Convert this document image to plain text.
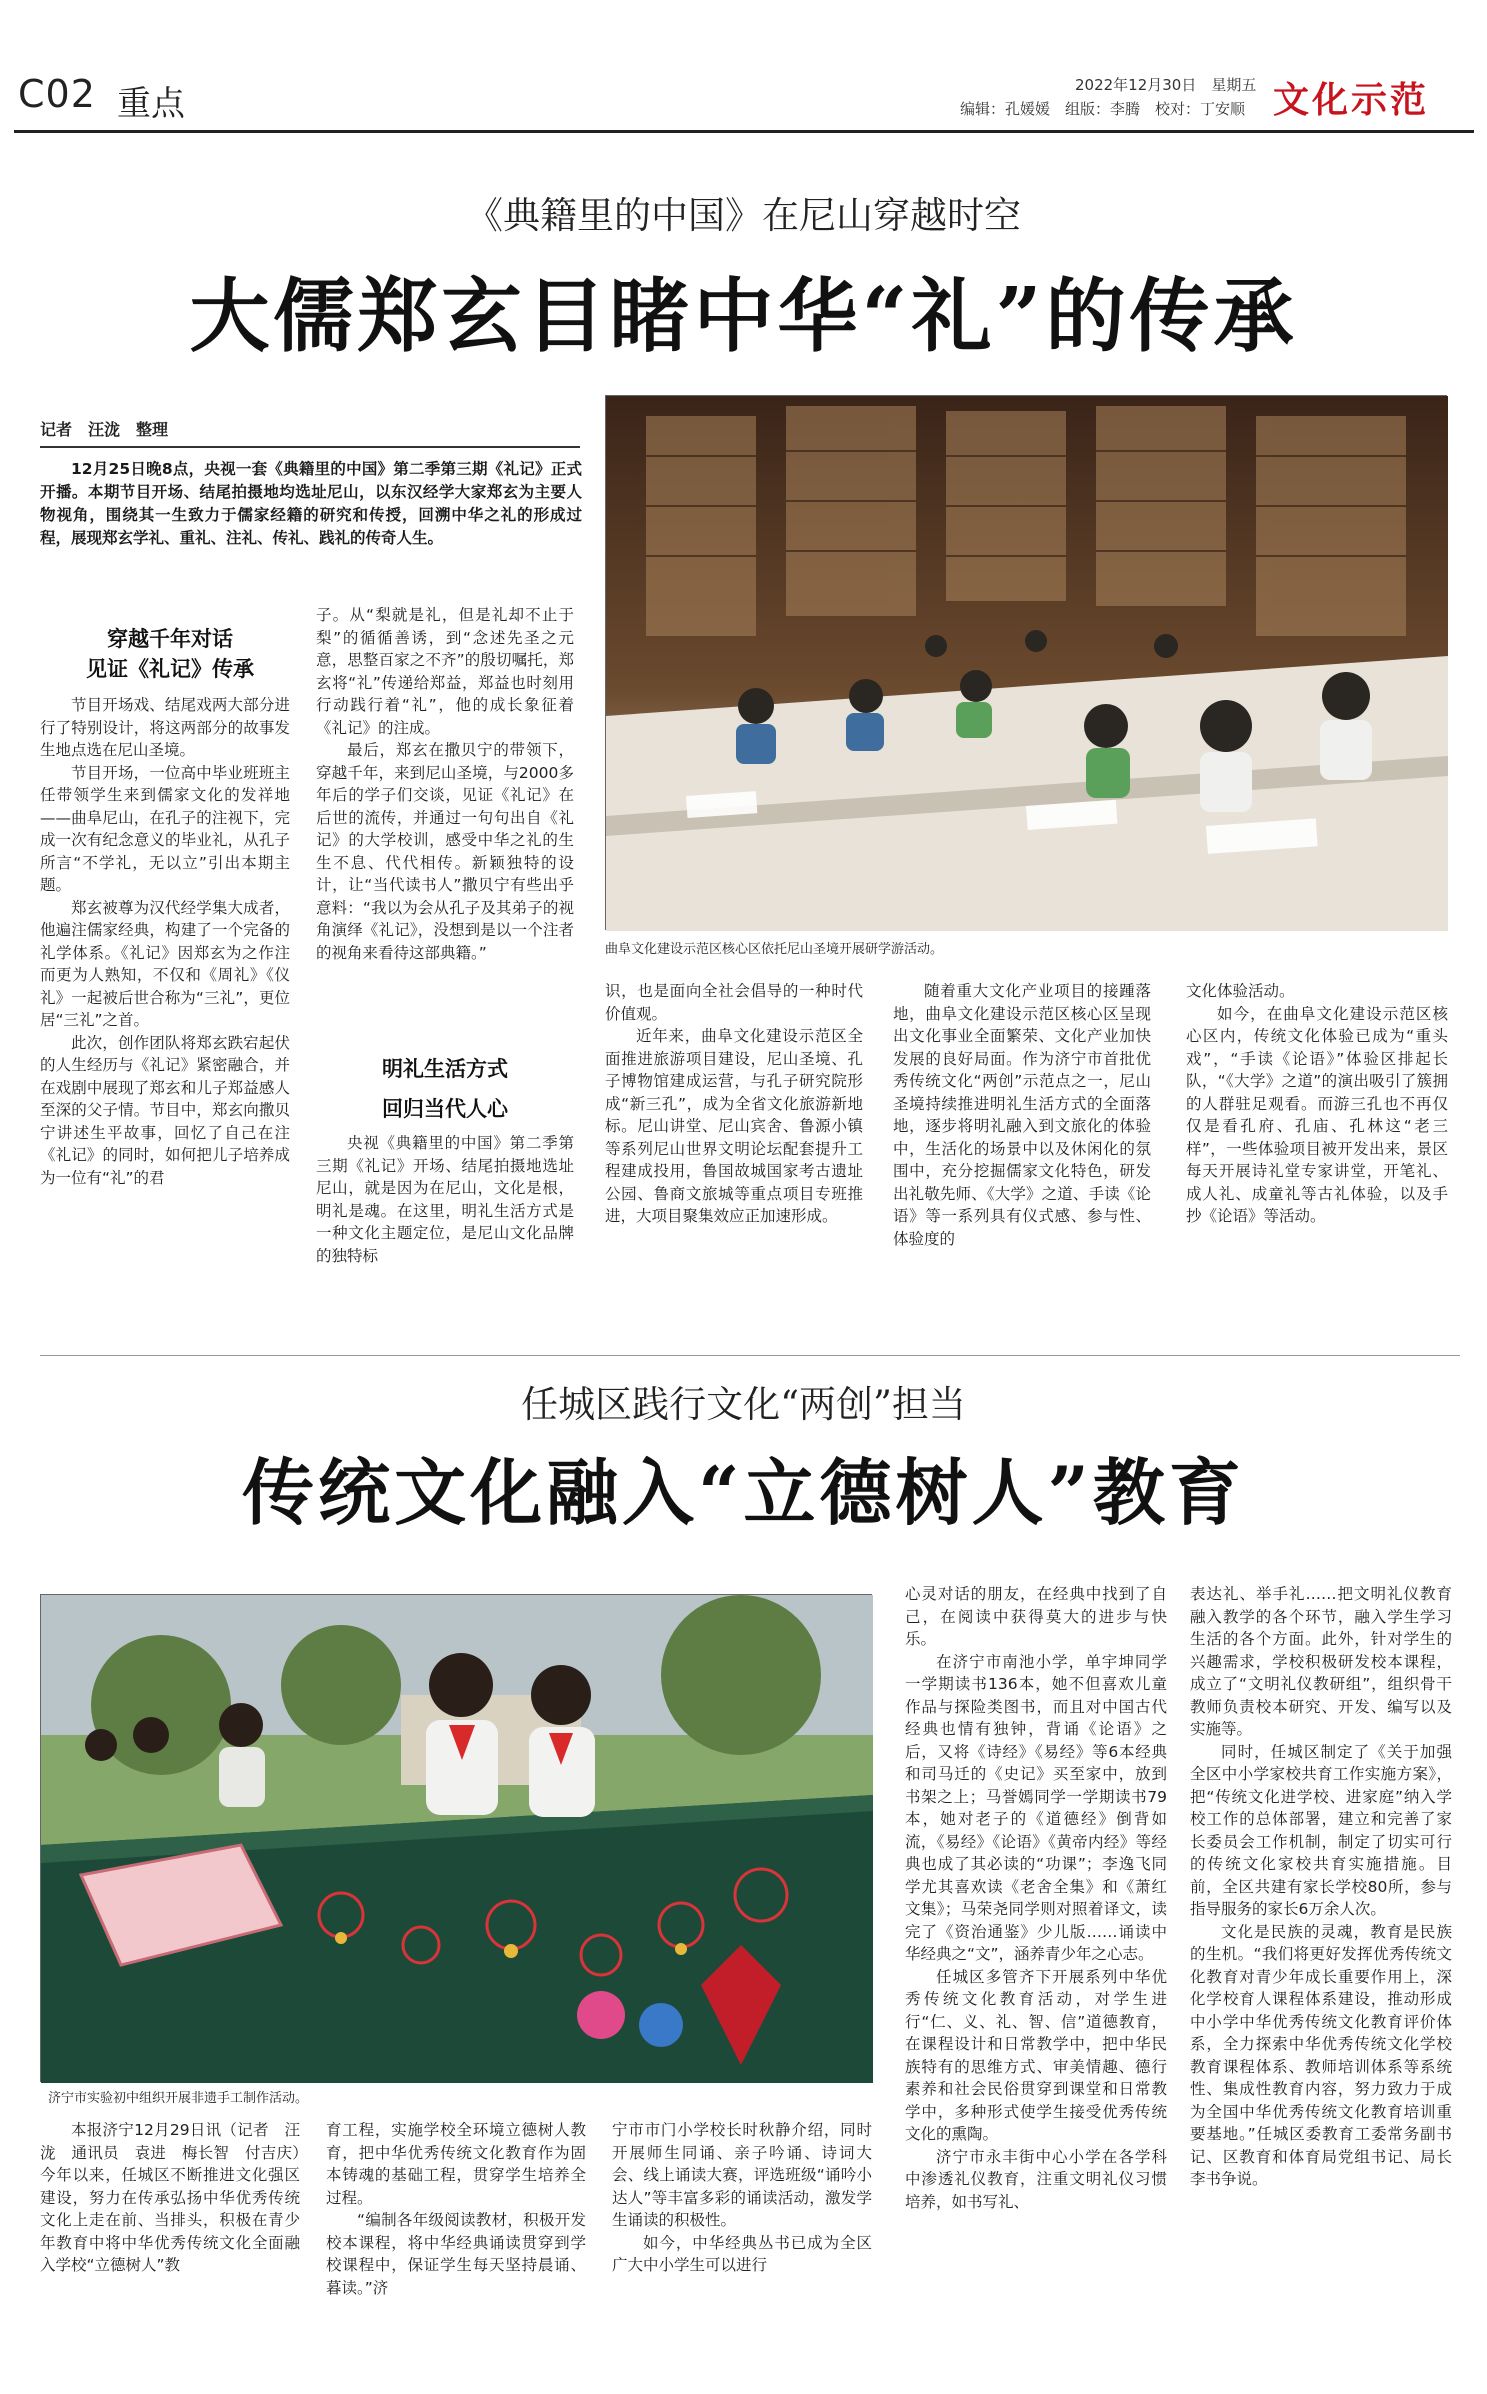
C02 重点	2022年12月30日　星期五
编辑：孔媛媛　组版：李腾　校对：丁安顺 文化示范
《典籍里的中国》在尼山穿越时空
大儒郑玄目睹中华“礼”的传承
记者　汪泷　整理
12月25日晚8点，央视一套《典籍里的中国》第二季第三期《礼记》正式开播。本期节目开场、结尾拍摄地均选址尼山，以东汉经学大家郑玄为主要人物视角，围绕其一生致力于儒家经籍的研究和传授，回溯中华之礼的形成过程，展现郑玄学礼、重礼、注礼、传礼、践礼的传奇人生。
穿越千年对话
见证《礼记》传承

节目开场戏、结尾戏两大部分进行了特别设计，将这两部分的故事发生地点选在尼山圣境。

节目开场，一位高中毕业班班主任带领学生来到儒家文化的发祥地——曲阜尼山，在孔子的注视下，完成一次有纪念意义的毕业礼，从孔子所言“不学礼，无以立”引出本期主题。

郑玄被尊为汉代经学集大成者，他遍注儒家经典，构建了一个完备的礼学体系。《礼记》因郑玄为之作注而更为人熟知，不仅和《周礼》《仪礼》一起被后世合称为“三礼”，更位居“三礼”之首。

此次，创作团队将郑玄跌宕起伏的人生经历与《礼记》紧密融合，并在戏剧中展现了郑玄和儿子郑益感人至深的父子情。节目中，郑玄向撒贝宁讲述生平故事，回忆了自己在注《礼记》的同时，如何把儿子培养成为一位有“礼”的君

子。从“梨就是礼，但是礼却不止于梨”的循循善诱，到“念述先圣之元意，思整百家之不齐”的殷切嘱托，郑玄将“礼”传递给郑益，郑益也时刻用行动践行着“礼”，他的成长象征着《礼记》的注成。

最后，郑玄在撒贝宁的带领下，穿越千年，来到尼山圣境，与2000多年后的学子们交谈，见证《礼记》在后世的流传，并通过一句句出自《礼记》的大学校训，感受中华之礼的生生不息、代代相传。新颖独特的设计，让“当代读书人”撒贝宁有些出乎意料：“我以为会从孔子及其弟子的视角演绎《礼记》，没想到是以一个注者的视角来看待这部典籍。”

明礼生活方式
回归当代人心

央视《典籍里的中国》第二季第三期《礼记》开场、结尾拍摄地选址尼山，就是因为在尼山，文化是根，明礼是魂。在这里，明礼生活方式是一种文化主题定位，是尼山文化品牌的独特标

曲阜文化建设示范区核心区依托尼山圣境开展研学游活动。

识，也是面向全社会倡导的一种时代价值观。

近年来，曲阜文化建设示范区全面推进旅游项目建设，尼山圣境、孔子博物馆建成运营，与孔子研究院形成“新三孔”，成为全省文化旅游新地标。尼山讲堂、尼山宾舍、鲁源小镇等系列尼山世界文明论坛配套提升工程建成投用，鲁国故城国家考古遗址公园、鲁商文旅城等重点项目专班推进，大项目聚集效应正加速形成。

随着重大文化产业项目的接踵落地，曲阜文化建设示范区核心区呈现出文化事业全面繁荣、文化产业加快发展的良好局面。作为济宁市首批优秀传统文化“两创”示范点之一，尼山圣境持续推进明礼生活方式的全面落地，逐步将明礼融入到文旅化的体验中，生活化的场景中以及休闲化的氛围中，充分挖掘儒家文化特色，研发出礼敬先师、《大学》之道、手读《论语》等一系列具有仪式感、参与性、体验度的

文化体验活动。

如今，在曲阜文化建设示范区核心区内，传统文化体验已成为“重头戏”，“手读《论语》”体验区排起长队，“《大学》之道”的演出吸引了簇拥的人群驻足观看。而游三孔也不再仅仅是看孔府、孔庙、孔林这“老三样”，一些体验项目被开发出来，景区每天开展诗礼堂专家讲堂，开笔礼、成人礼、成童礼等古礼体验，以及手抄《论语》等活动。

任城区践行文化“两创”担当
传统文化融入“立德树人”教育
济宁市实验初中组织开展非遗手工制作活动。

本报济宁12月29日讯（记者　汪泷　通讯员　袁进　梅长智　付吉庆）　今年以来，任城区不断推进文化强区建设，努力在传承弘扬中华优秀传统文化上走在前、当排头，积极在青少年教育中将中华优秀传统文化全面融入学校“立德树人”教

育工程，实施学校全环境立德树人教育，把中华优秀传统文化教育作为固本铸魂的基础工程，贯穿学生培养全过程。

“编制各年级阅读教材，积极开发校本课程，将中华经典诵读贯穿到学校课程中，保证学生每天坚持晨诵、暮读。”济

宁市市门小学校长时秋静介绍，同时开展师生同诵、亲子吟诵、诗词大会、线上诵读大赛，评选班级“诵吟小达人”等丰富多彩的诵读活动，激发学生诵读的积极性。

如今，中华经典丛书已成为全区广大中小学生可以进行

心灵对话的朋友，在经典中找到了自己，在阅读中获得莫大的进步与快乐。

在济宁市南池小学，单宇坤同学一学期读书136本，她不但喜欢儿童作品与探险类图书，而且对中国古代经典也情有独钟，背诵《论语》之后，又将《诗经》《易经》等6本经典和司马迁的《史记》买至家中，放到书架之上；马誉嫣同学一学期读书79本，她对老子的《道德经》倒背如流，《易经》《论语》《黄帝内经》等经典也成了其必读的“功课”；李逸飞同学尤其喜欢读《老舍全集》和《萧红文集》；马荣尧同学则对照着译文，读完了《资治通鉴》少儿版……诵读中华经典之“文”，涵养青少年之心志。

任城区多管齐下开展系列中华优秀传统文化教育活动，对学生进行“仁、义、礼、智、信”道德教育，在课程设计和日常教学中，把中华民族特有的思维方式、审美情趣、德行素养和社会民俗贯穿到课堂和日常教学中，多种形式使学生接受优秀传统文化的熏陶。

济宁市永丰街中心小学在各学科中渗透礼仪教育，注重文明礼仪习惯培养，如书写礼、

表达礼、举手礼……把文明礼仪教育融入教学的各个环节，融入学生学习生活的各个方面。此外，针对学生的兴趣需求，学校积极研发校本课程，成立了“文明礼仪教研组”，组织骨干教师负责校本研究、开发、编写以及实施等。

同时，任城区制定了《关于加强全区中小学家校共育工作实施方案》，把“传统文化进学校、进家庭”纳入学校工作的总体部署，建立和完善了家长委员会工作机制，制定了切实可行的传统文化家校共育实施措施。目前，全区共建有家长学校80所，参与指导服务的家长6万余人次。

文化是民族的灵魂，教育是民族的生机。“我们将更好发挥优秀传统文化教育对青少年成长重要作用上，深化学校育人课程体系建设，推动形成中小学中华优秀传统文化教育评价体系，全力探索中华优秀传统文化学校教育课程体系、教师培训体系等系统性、集成性教育内容，努力致力于成为全国中华优秀传统文化教育培训重要基地。”任城区委教育工委常务副书记、区教育和体育局党组书记、局长李书争说。
